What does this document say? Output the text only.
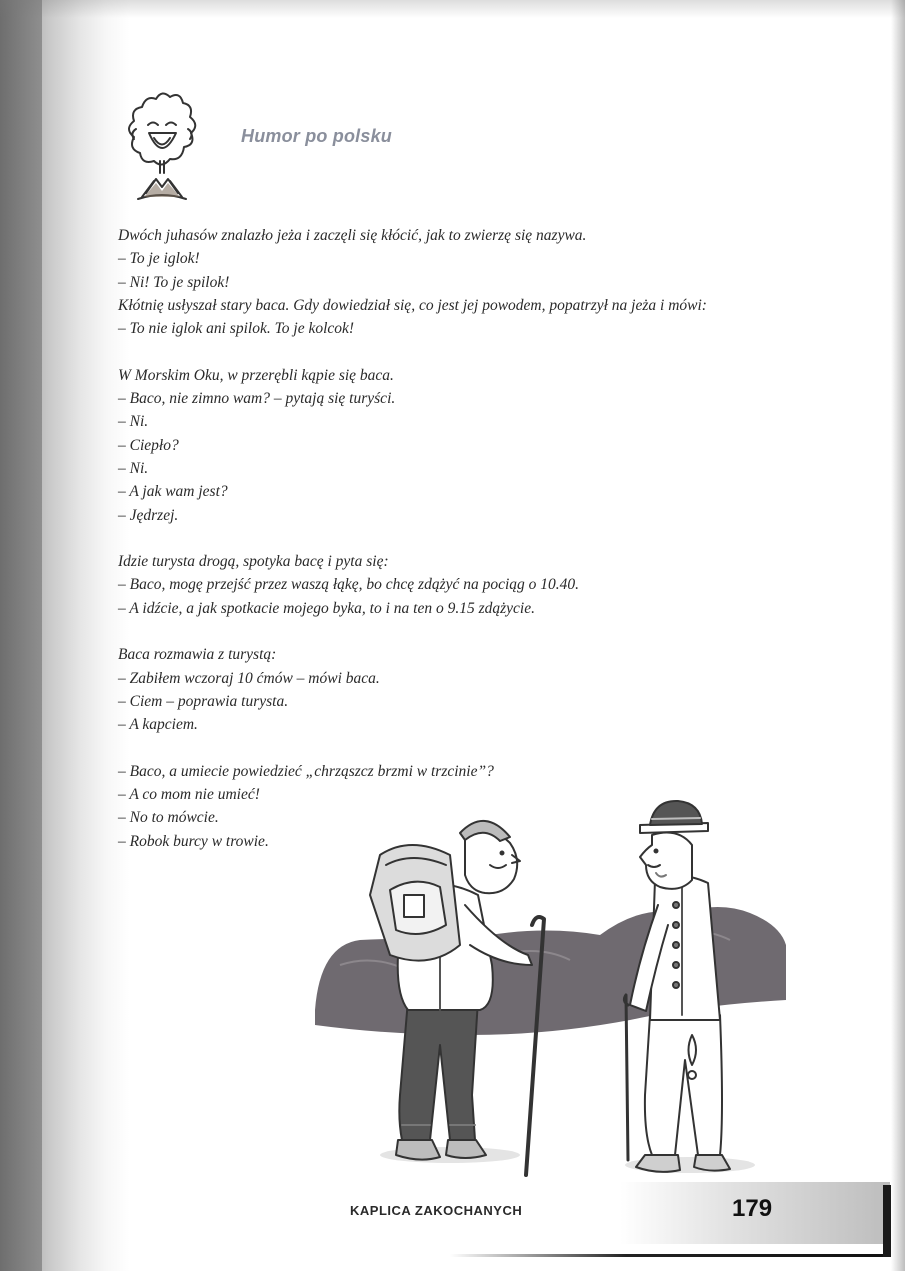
Humor po polsku
Dwóch juhasów znalazło jeża i zaczęli się kłócić, jak to zwierzę się nazywa.
– To je iglok!
– Ni! To je spilok!
Kłótnię usłyszał stary baca. Gdy dowiedział się, co jest jej powodem, popatrzył na jeża i mówi:
– To nie iglok ani spilok. To je kolcok!
W Morskim Oku, w przerębli kąpie się baca.
– Baco, nie zimno wam? – pytają się turyści.
– Ni.
– Ciepło?
– Ni.
– A jak wam jest?
– Jędrzej.
Idzie turysta drogą, spotyka bacę i pyta się:
– Baco, mogę przejść przez waszą łąkę, bo chcę zdążyć na pociąg o 10.40.
– A idźcie, a jak spotkacie mojego byka, to i na ten o 9.15 zdążycie.
Baca rozmawia z turystą:
– Zabiłem wczoraj 10 ćmów – mówi baca.
– Ciem – poprawia turysta.
– A kapciem.
– Baco, a umiecie powiedzieć „chrząszcz brzmi w trzcinie”?
– A co mom nie umieć!
– No to mówcie.
– Robok burcy w trowie.
KAPLICA ZAKOCHANYCH	179
